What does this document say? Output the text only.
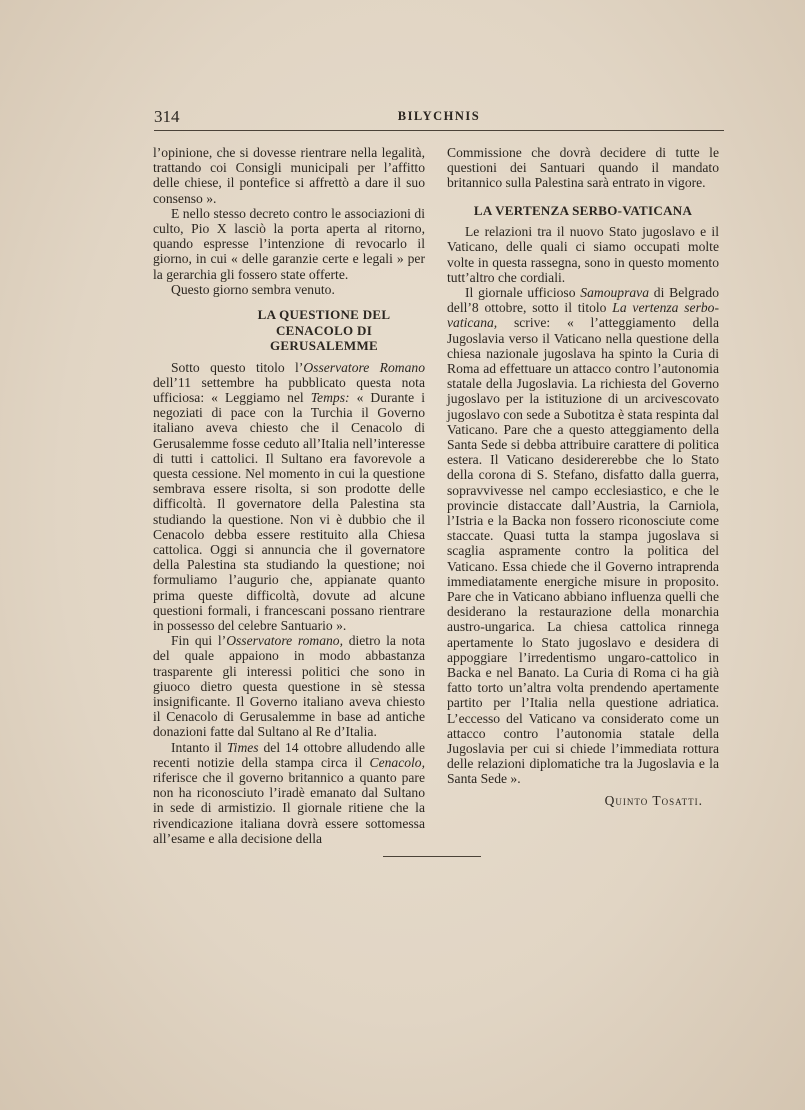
314	BILYCHNIS

l’opinione, che si dovesse rientrare nella legalità, trattando coi Consigli municipali per l’affitto delle chiese, il pontefice si affrettò a dare il suo consenso ».

E nello stesso decreto contro le associazioni di culto, Pio X lasciò la porta aperta al ritorno, quando espresse l’intenzione di revocarlo il giorno, in cui « delle garanzie certe e legali » per la gerarchia gli fossero state offerte.

Questo giorno sembra venuto.

LA QUESTIONE DEL CENACOLO DI GERUSALEMME

Sotto questo titolo l’Osservatore Romano dell’11 settembre ha pubblicato questa nota ufficiosa: « Leggiamo nel Temps: « Durante i negoziati di pace con la Turchia il Governo italiano aveva chiesto che il Cenacolo di Gerusalemme fosse ceduto all’Italia nell’interesse di tutti i cattolici. Il Sultano era favorevole a questa cessione. Nel momento in cui la questione sembrava essere risolta, si son prodotte delle difficoltà. Il governatore della Palestina sta studiando la questione. Non vi è dubbio che il Cenacolo debba essere restituito alla Chiesa cattolica. Oggi si annuncia che il governatore della Palestina sta studiando la questione; noi formuliamo l’augurio che, appianate quanto prima queste difficoltà, dovute ad alcune questioni formali, i francescani possano rientrare in possesso del celebre Santuario ».

Fin qui l’Osservatore romano, dietro la nota del quale appaiono in modo abbastanza trasparente gli interessi politici che sono in giuoco dietro questa questione in sè stessa insignificante. Il Governo italiano aveva chiesto il Cenacolo di Gerusalemme in base ad antiche donazioni fatte dal Sultano al Re d’Italia.

Intanto il Times del 14 ottobre alludendo alle recenti notizie della stampa circa il Cenacolo, riferisce che il governo britannico a quanto pare non ha riconosciuto l’iradè emanato dal Sultano in sede di armistizio. Il giornale ritiene che la rivendicazione italiana dovrà essere sottomessa all’esame e alla decisione della

Commissione che dovrà decidere di tutte le questioni dei Santuari quando il mandato britannico sulla Palestina sarà entrato in vigore.

LA VERTENZA SERBO-VATICANA

Le relazioni tra il nuovo Stato jugoslavo e il Vaticano, delle quali ci siamo occupati molte volte in questa rassegna, sono in questo momento tutt’altro che cordiali.

Il giornale ufficioso Samouprava di Belgrado dell’8 ottobre, sotto il titolo La vertenza serbo-vaticana, scrive: « l’atteggiamento della Jugoslavia verso il Vaticano nella questione della chiesa nazionale jugoslava ha spinto la Curia di Roma ad effettuare un attacco contro l’autonomia statale della Jugoslavia. La richiesta del Governo jugoslavo per la istituzione di un arcivescovato jugoslavo con sede a Subotitza è stata respinta dal Vaticano. Pare che a questo atteggiamento della Santa Sede si debba attribuire carattere di politica estera. Il Vaticano desidererebbe che lo Stato della corona di S. Stefano, disfatto dalla guerra, sopravvivesse nel campo ecclesiastico, e che le provincie distaccate dall’Austria, la Carniola, l’Istria e la Backa non fossero riconosciute come staccate. Quasi tutta la stampa jugoslava si scaglia aspramente contro la politica del Vaticano. Essa chiede che il Governo intraprenda immediatamente energiche misure in proposito. Pare che in Vaticano abbiano influenza quelli che desiderano la restaurazione della monarchia austro-ungarica. La chiesa cattolica rinnega apertamente lo Stato jugoslavo e desidera di appoggiare l’irredentismo ungaro-cattolico in Backa e nel Banato. La Curia di Roma ci ha già fatto torto un’altra volta prendendo apertamente partito per l’Italia nella questione adriatica. L’eccesso del Vaticano va considerato come un attacco contro l’autonomia statale della Jugoslavia per cui si chiede l’immediata rottura delle relazioni diplomatiche tra la Jugoslavia e la Santa Sede ».

Quinto Tosatti.
